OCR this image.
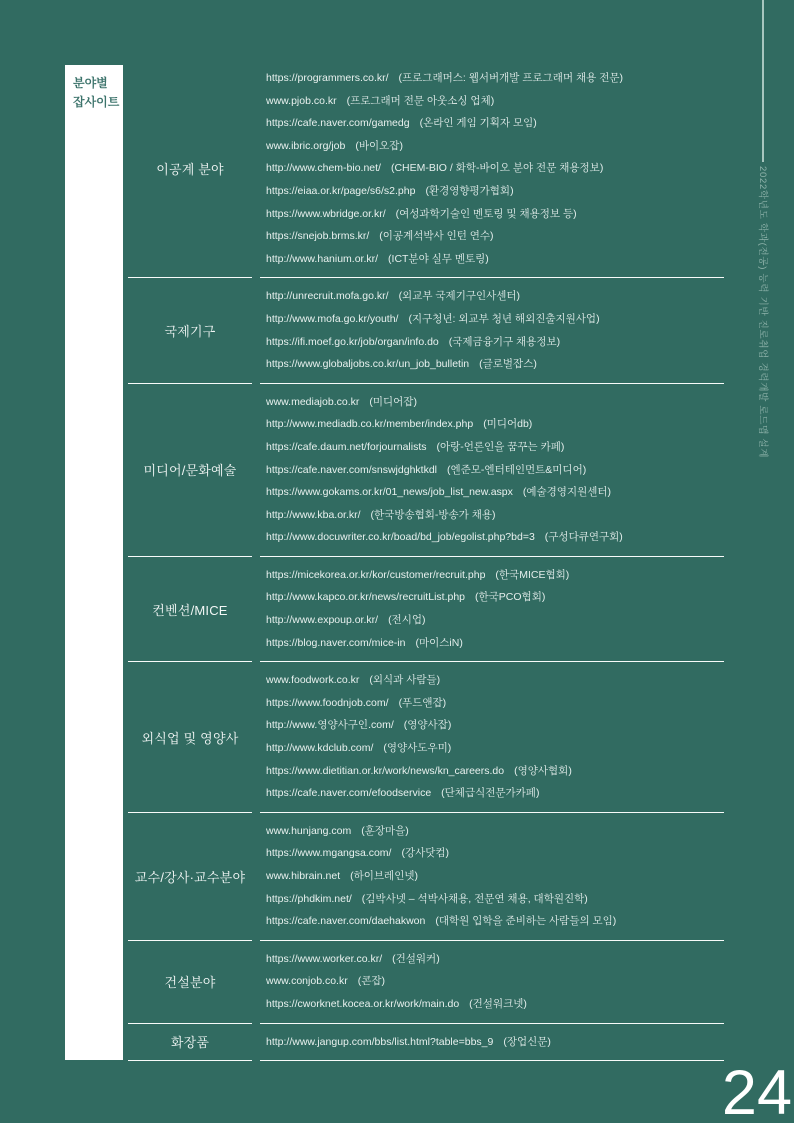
2022학년도 학과(전공) 능력 기반 진로취업 경력개발 로드맵 설계
분야별
잡사이트
이공계 분야
https://programmers.co.kr/ (프로그래머스: 웹서버개발 프로그래머 채용 전문)
www.pjob.co.kr (프로그래머 전문 아웃소싱 업체)
https://cafe.naver.com/gamedg (온라인 게임 기획자 모임)
www.ibric.org/job (바이오잡)
http://www.chem-bio.net/ (CHEM-BIO / 화학-바이오 분야 전문 채용정보)
https://eiaa.or.kr/page/s6/s2.php (환경영향평가협회)
https://www.wbridge.or.kr/ (여성과학기술인 멘토링 및 채용정보 등)
https://snejob.brms.kr/ (이공계석박사 인턴 연수)
http://www.hanium.or.kr/ (ICT분야 실무 멘토링)
국제기구
http://unrecruit.mofa.go.kr/ (외교부 국제기구인사센터)
http://www.mofa.go.kr/youth/ (지구청년: 외교부 청년 해외진출지원사업)
https://ifi.moef.go.kr/job/organ/info.do (국제금융기구 채용정보)
https://www.globaljobs.co.kr/un_job_bulletin (글로벌잡스)
미디어/문화예술
www.mediajob.co.kr (미디어잡)
http://www.mediadb.co.kr/member/index.php (미디어db)
https://cafe.daum.net/forjournalists (아랑-언론인을 꿈꾸는 카페)
https://cafe.naver.com/snswjdghktkdl (엔준모-엔터테인먼트&미디어)
https://www.gokams.or.kr/01_news/job_list_new.aspx (예술경영지원센터)
http://www.kba.or.kr/ (한국방송협회-방송가 채용)
http://www.docuwriter.co.kr/boad/bd_job/egolist.php?bd=3 (구성다큐연구회)
컨벤션/MICE
https://micekorea.or.kr/kor/customer/recruit.php (한국MICE협회)
http://www.kapco.or.kr/news/recruitList.php (한국PCO협회)
http://www.expoup.or.kr/ (전시업)
https://blog.naver.com/mice-in (마이스iN)
외식업 및 영양사
www.foodwork.co.kr (외식과 사람들)
https://www.foodnjob.com/ (푸드앤잡)
http://www.영양사구인.com/ (영양사잡)
http://www.kdclub.com/ (영양사도우미)
https://www.dietitian.or.kr/work/news/kn_careers.do (영양사협회)
https://cafe.naver.com/efoodservice (단체급식전문가카페)
교수/강사·교수분야
www.hunjang.com (훈장마을)
https://www.mgangsa.com/ (강사닷컴)
www.hibrain.net (하이브레인넷)
https://phdkim.net/ (김박사넷 – 석박사채용, 전문연 채용, 대학원진학)
https://cafe.naver.com/daehakwon (대학원 입학을 준비하는 사람들의 모임)
건설분야
https://www.worker.co.kr/ (건설워커)
www.conjob.co.kr (콘잡)
https://cworknet.kocea.or.kr/work/main.do (건설워크넷)
화장품	http://www.jangup.com/bbs/list.html?table=bbs_9 (장업신문)
24
